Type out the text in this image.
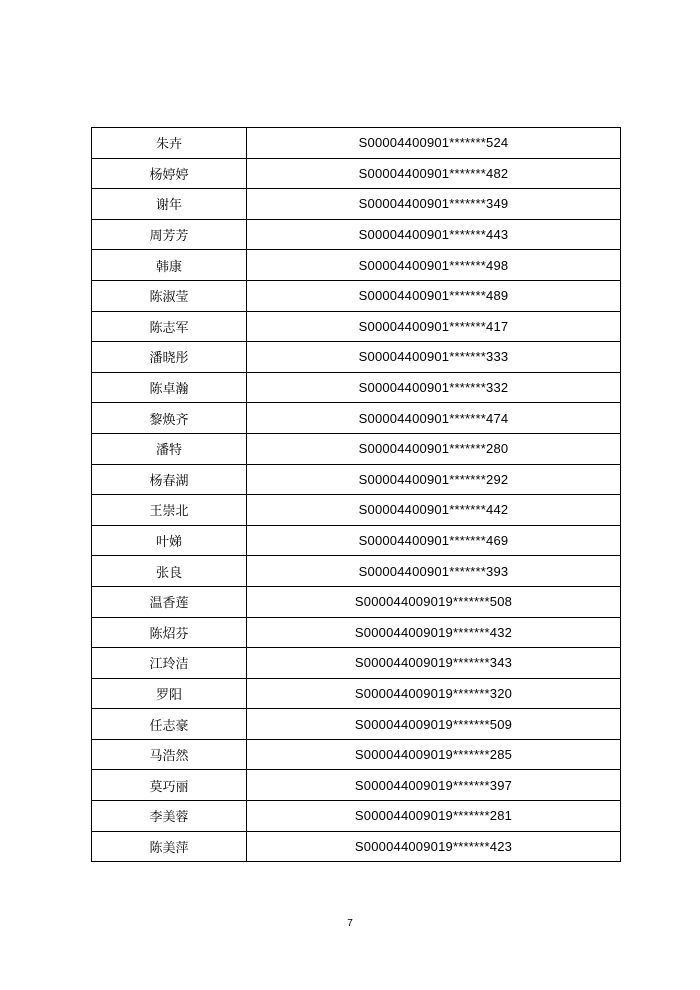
朱卉	S00004400901*******524
杨婷婷	S00004400901*******482
谢年	S00004400901*******349
周芳芳	S00004400901*******443
韩康	S00004400901*******498
陈淑莹	S00004400901*******489
陈志军	S00004400901*******417
潘晓彤	S00004400901*******333
陈卓瀚	S00004400901*******332
黎焕齐	S00004400901*******474
潘特	S00004400901*******280
杨春湖	S00004400901*******292
王崇北	S00004400901*******442
叶娣	S00004400901*******469
张良	S00004400901*******393
温香莲	S000044009019*******508
陈炤芬	S000044009019*******432
江玲洁	S000044009019*******343
罗阳	S000044009019*******320
任志豪	S000044009019*******509
马浩然	S000044009019*******285
莫巧丽	S000044009019*******397
李美蓉	S000044009019*******281
陈美萍	S000044009019*******423
7
